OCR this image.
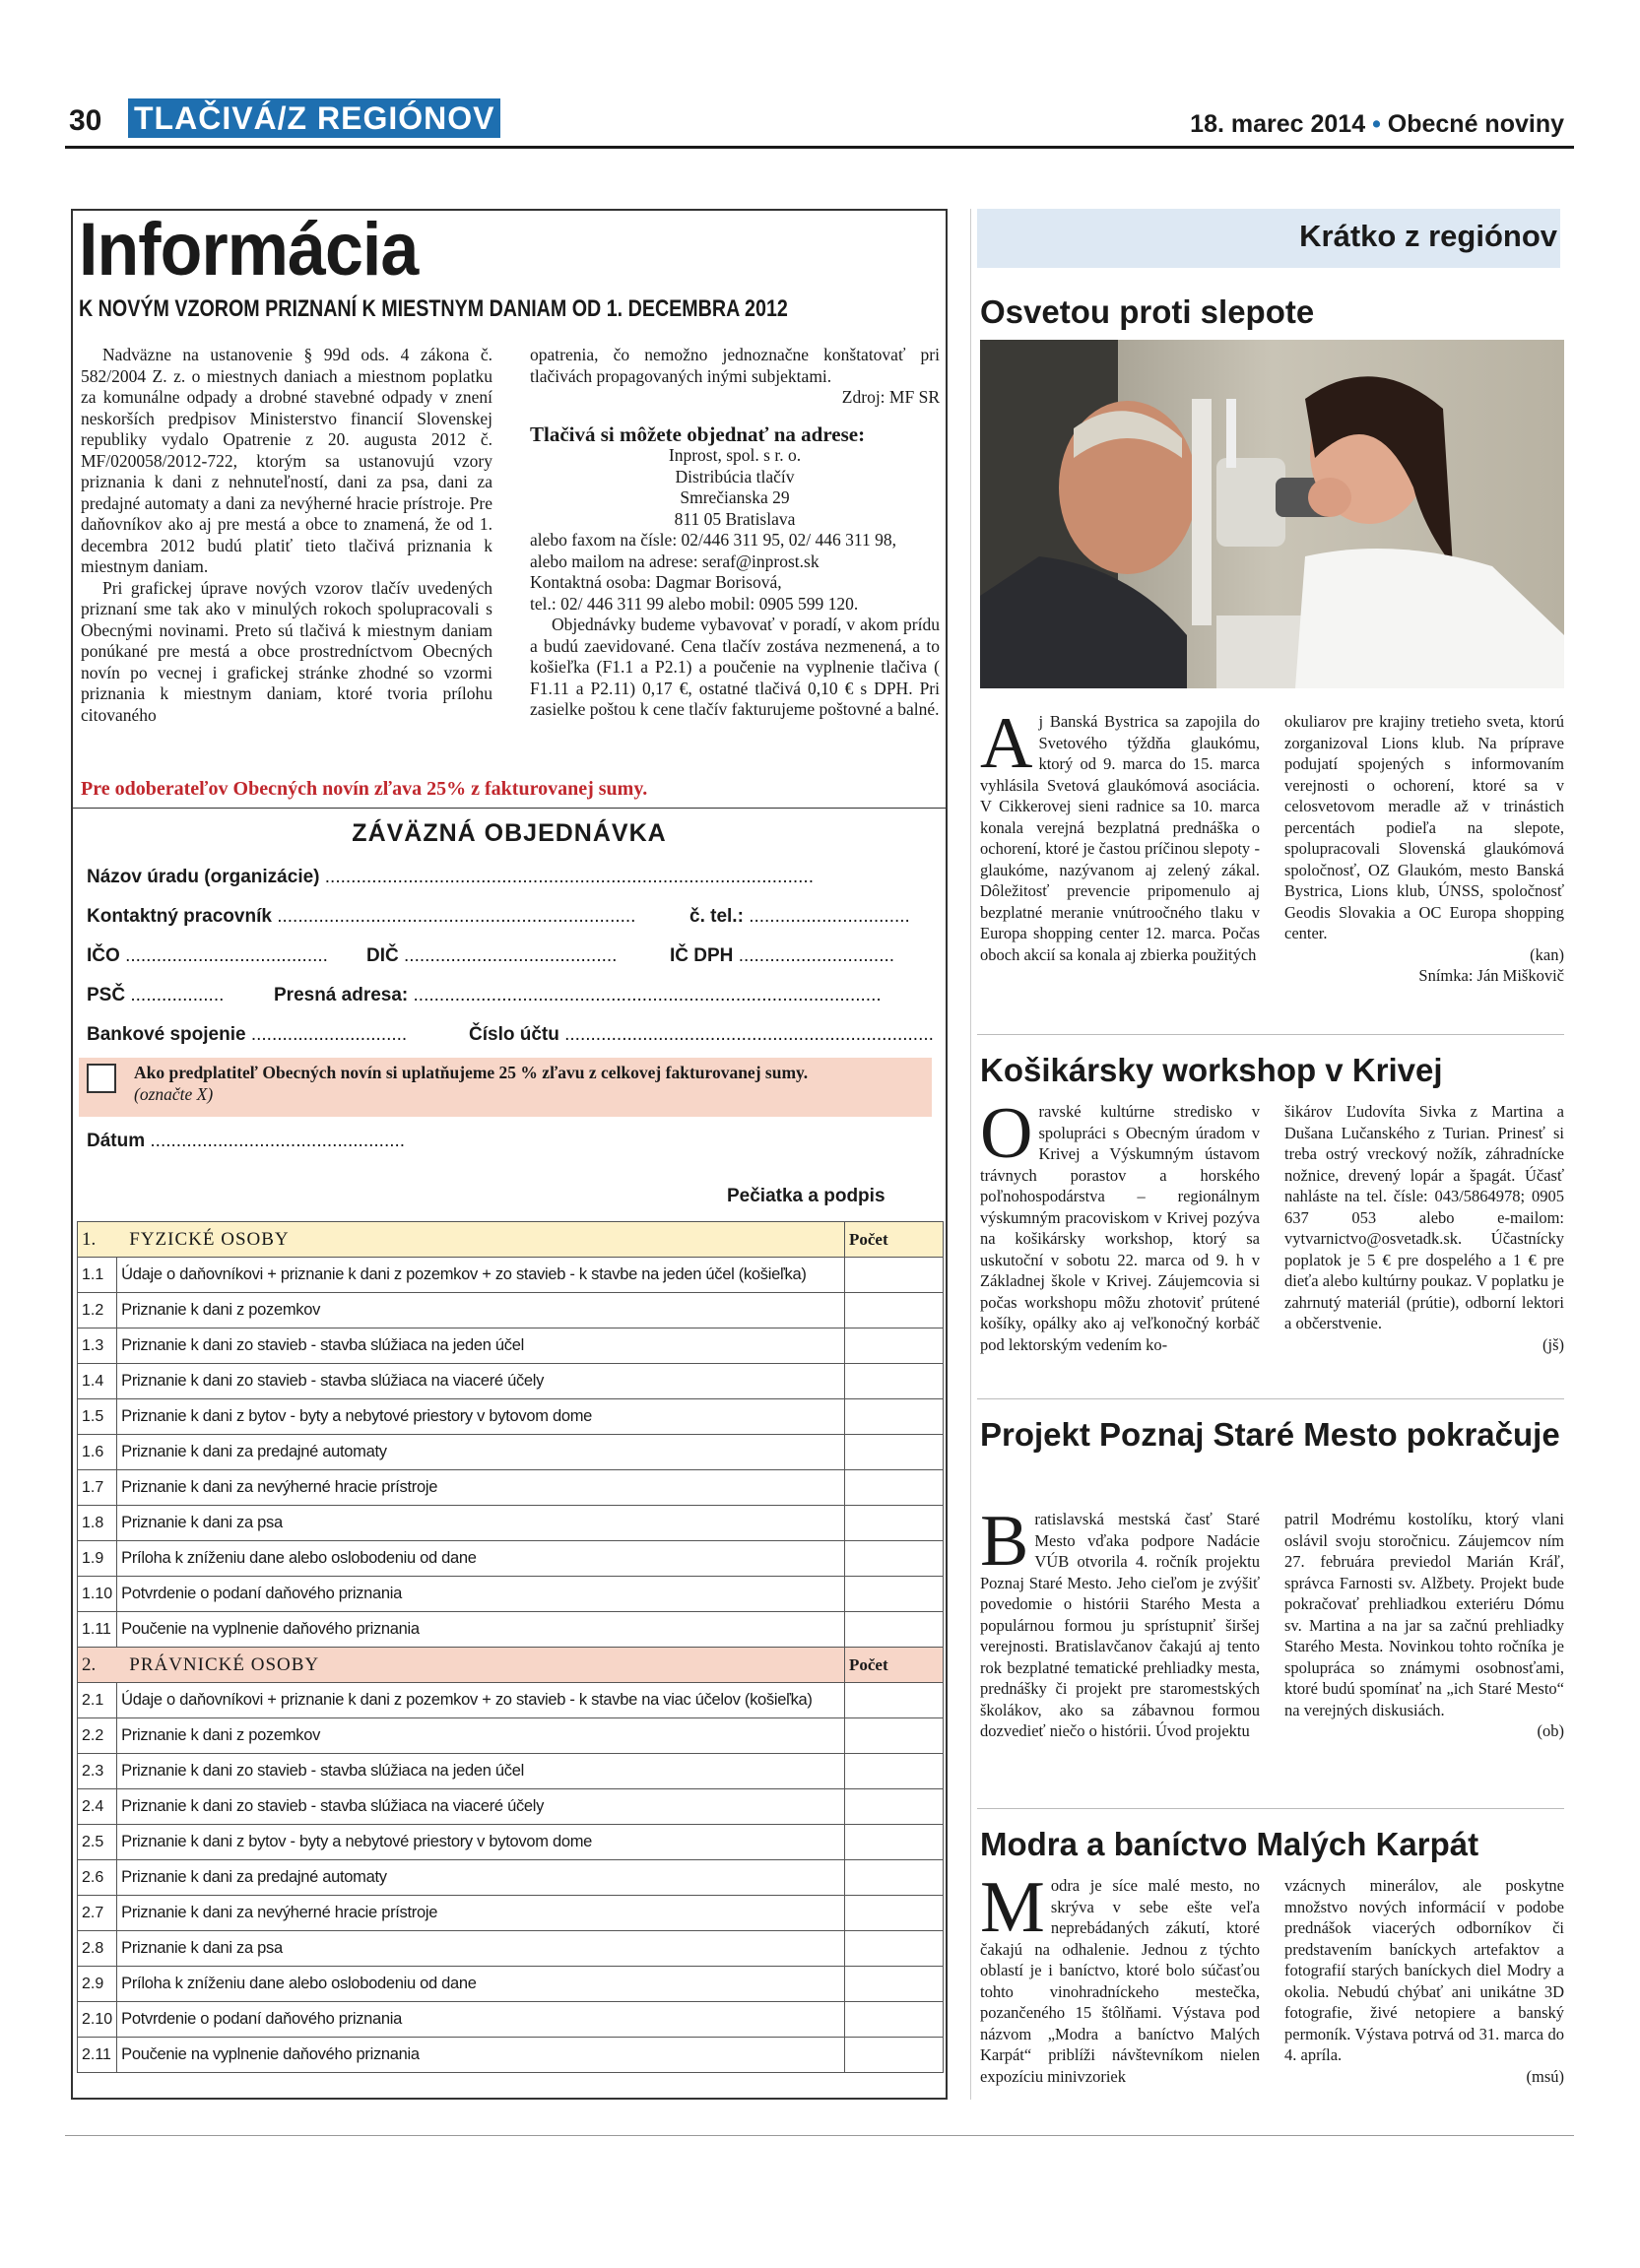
30 TLAČIVÁ/Z REGIÓNOV	18. marec 2014 • Obecné noviny
Informácia
K NOVÝM VZOROM PRIZNANÍ K MIESTNYM DANIAM OD 1. DECEMBRA 2012

Nadväzne na ustanovenie § 99d ods. 4 zákona č. 582/2004 Z. z. o miestnych daniach a miestnom poplatku za komunálne odpady a drobné stavebné odpady v znení neskorších predpisov Ministerstvo financií Slovenskej republiky vydalo Opatrenie z 20. augusta 2012 č. MF/020058/2012-722, ktorým sa ustanovujú vzory priznania k dani z nehnuteľností, dani za psa, dani za predajné automaty a dani za nevýherné hracie prístroje. Pre daňovníkov ako aj pre mestá a obce to znamená, že od 1. decembra 2012 budú platiť tieto tlačivá priznania k miestnym daniam.

Pri grafickej úprave nových vzorov tlačív uvedených priznaní sme tak ako v minulých rokoch spolupracovali s Obecnými novinami. Preto sú tlačivá k miestnym daniam ponúkané pre mestá a obce prostredníctvom Obecných novín po vecnej i grafickej stránke zhodné so vzormi priznania k miestnym daniam, ktoré tvoria prílohu citovaného

opatrenia, čo nemožno jednoznačne konštatovať pri tlačivách propagovaných inými subjektami.

Zdroj: MF SR

Tlačivá si môžete objednať na adrese:

Inprost, spol. s r. o.

Distribúcia tlačív

Smrečianska 29

811 05 Bratislava

alebo faxom na čísle: 02/446 311 95, 02/ 446 311 98,

alebo mailom na adrese: seraf@inprost.sk

Kontaktná osoba: Dagmar Borisová,

tel.: 02/ 446 311 99 alebo mobil: 0905 599 120.

Objednávky budeme vybavovať v poradí, v akom prídu a budú zaevidované. Cena tlačív zostáva nezmenená, a to košieľka (F1.1 a P2.1) a poučenie na vyplnenie tlačiva ( F1.11 a P2.11) 0,17 €, ostatné tlačivá 0,10 € s DPH. Pri zasielke poštou k cene tlačív fakturujeme poštovné a balné.

Pre odoberateľov Obecných novín zľava 25% z fakturovanej sumy.
ZÁVÄZNÁ OBJEDNÁVKA
Názov úradu (organizácie) ..............................................................................................
Kontaktný pracovník .....................................................................	č. tel.: ...............................
IČO ....................................... DIČ .........................................	IČ DPH ..............................
PSČ ..................	Presná adresa: ..........................................................................................
Bankové spojenie ..............................	Číslo účtu .......................................................................
Ako predplatiteľ Obecných novín si uplatňujeme 25 % zľavu z celkovej fakturovanej sumy.
(označte X)
Dátum .................................................
Pečiatka a podpis
1. FYZICKÉ OSOBY		Počet
1.1	Údaje o daňovníkovi + priznanie k dani z pozemkov + zo stavieb - k stavbe na jeden účel (košieľka)	
1.2	Priznanie k dani z pozemkov	
1.3	Priznanie k dani zo stavieb - stavba slúžiaca na jeden účel	
1.4	Priznanie k dani zo stavieb - stavba slúžiaca na viaceré účely	
1.5	Priznanie k dani z bytov - byty a nebytové priestory v bytovom dome	
1.6	Priznanie k dani za predajné automaty	
1.7	Priznanie k dani za nevýherné hracie prístroje	
1.8	Priznanie k dani za psa	
1.9	Príloha k zníženiu dane alebo oslobodeniu od dane	
1.10	Potvrdenie o podaní daňového priznania	
1.11	Poučenie na vyplnenie daňového priznania	
2. PRÁVNICKÉ OSOBY		Počet
2.1	Údaje o daňovníkovi + priznanie k dani z pozemkov + zo stavieb - k stavbe na viac účelov (košieľka)	
2.2	Priznanie k dani z pozemkov	
2.3	Priznanie k dani zo stavieb - stavba slúžiaca na jeden účel	
2.4	Priznanie k dani zo stavieb - stavba slúžiaca na viaceré účely	
2.5	Priznanie k dani z bytov - byty a nebytové priestory v bytovom dome	
2.6	Priznanie k dani za predajné automaty	
2.7	Priznanie k dani za nevýherné hracie prístroje	
2.8	Priznanie k dani za psa	
2.9	Príloha k zníženiu dane alebo oslobodeniu od dane	
2.10	Potvrdenie o podaní daňového priznania	
2.11	Poučenie na vyplnenie daňového priznania	
Krátko z regiónov
Osvetou proti slepote

Aj Banská Bystrica sa zapojila do Svetového týždňa glaukómu, ktorý od 9. marca do 15. marca vyhlásila Svetová glaukómová asociácia. V Cikkerovej sieni radnice sa 10. marca konala verejná bezplatná prednáška o ochorení, ktoré je častou príčinou slepoty - glaukóme, nazývanom aj zelený zákal. Dôležitosť prevencie pripomenulo aj bezplatné meranie vnútroočného tlaku v Europa shopping center 12. marca. Počas oboch akcií sa konala aj zbierka použitých

okuliarov pre krajiny tretieho sveta, ktorú zorganizoval Lions klub. Na príprave podujatí spojených s informovaním verejnosti o ochorení, ktoré sa v celosvetovom meradle až v trinástich percentách podieľa na slepote, spolupracovali Slovenská glaukómová spoločnosť, OZ Glaukóm, mesto Banská Bystrica, Lions klub, ÚNSS, spoločnosť Geodis Slovakia a OC Europa shopping center.

(kan)

Snímka: Ján Miškovič

Košikársky workshop v Krivej

Oravské kultúrne stredisko v spolupráci s Obecným úradom v Krivej a Výskumným ústavom trávnych porastov a horského poľnohospodárstva – regionálnym výskumným pracoviskom v Krivej pozýva na košikársky workshop, ktorý sa uskutoční v sobotu 22. marca od 9. h v Základnej škole v Krivej. Záujemcovia si počas workshopu môžu zhotoviť prútené košíky, opálky ako aj veľkonočný korbáč pod lektorským vedením ko-

šikárov Ľudovíta Sivka z Martina a Dušana Lučanského z Turian. Prinesť si treba ostrý vreckový nožík, záhradnícke nožnice, drevený lopár a špagát. Účasť nahláste na tel. čísle: 043/5864978; 0905 637 053 alebo e-mailom: vytvarnictvo@osvetadk.sk. Účastnícky poplatok je 5 € pre dospelého a 1 € pre dieťa alebo kultúrny poukaz. V poplatku je zahrnutý materiál (prútie), odborní lektori a občerstvenie.

(jš)

Projekt Poznaj Staré Mesto pokračuje

Bratislavská mestská časť Staré Mesto vďaka podpore Nadácie VÚB otvorila 4. ročník projektu Poznaj Staré Mesto. Jeho cieľom je zvýšiť povedomie o histórii Starého Mesta a populárnou formou ju sprístupniť širšej verejnosti. Bratislavčanov čakajú aj tento rok bezplatné tematické prehliadky mesta, prednášky či projekt pre staromestských školákov, ako sa zábavnou formou dozvedieť niečo o histórii. Úvod projektu

patril Modrému kostolíku, ktorý vlani oslávil svoju storočnicu. Záujemcov ním 27. februára previedol Marián Kráľ, správca Farnosti sv. Alžbety. Projekt bude pokračovať prehliadkou exteriéru Dómu sv. Martina a na jar sa začnú prehliadky Starého Mesta. Novinkou tohto ročníka je spolupráca so známymi osobnosťami, ktoré budú spomínať na „ich Staré Mesto“ na verejných diskusiách.

(ob)

Modra a baníctvo Malých Karpát

Modra je síce malé mesto, no skrýva v sebe ešte veľa neprebádaných zákutí, ktoré čakajú na odhalenie. Jednou z týchto oblastí je i baníctvo, ktoré bolo súčasťou tohto vinohradníckeho mestečka, pozančeného 15 štôlňami. Výstava pod názvom „Modra a baníctvo Malých Karpát“ priblíži návštevníkom nielen expozíciu minivzoriek

vzácnych minerálov, ale poskytne množstvo nových informácií v podobe prednášok viacerých odborníkov či predstavením baníckych artefaktov a fotografií starých baníckych diel Modry a okolia. Nebudú chýbať ani unikátne 3D fotografie, živé netopiere a banský permoník. Výstava potrvá od 31. marca do 4. apríla.

(msú)
